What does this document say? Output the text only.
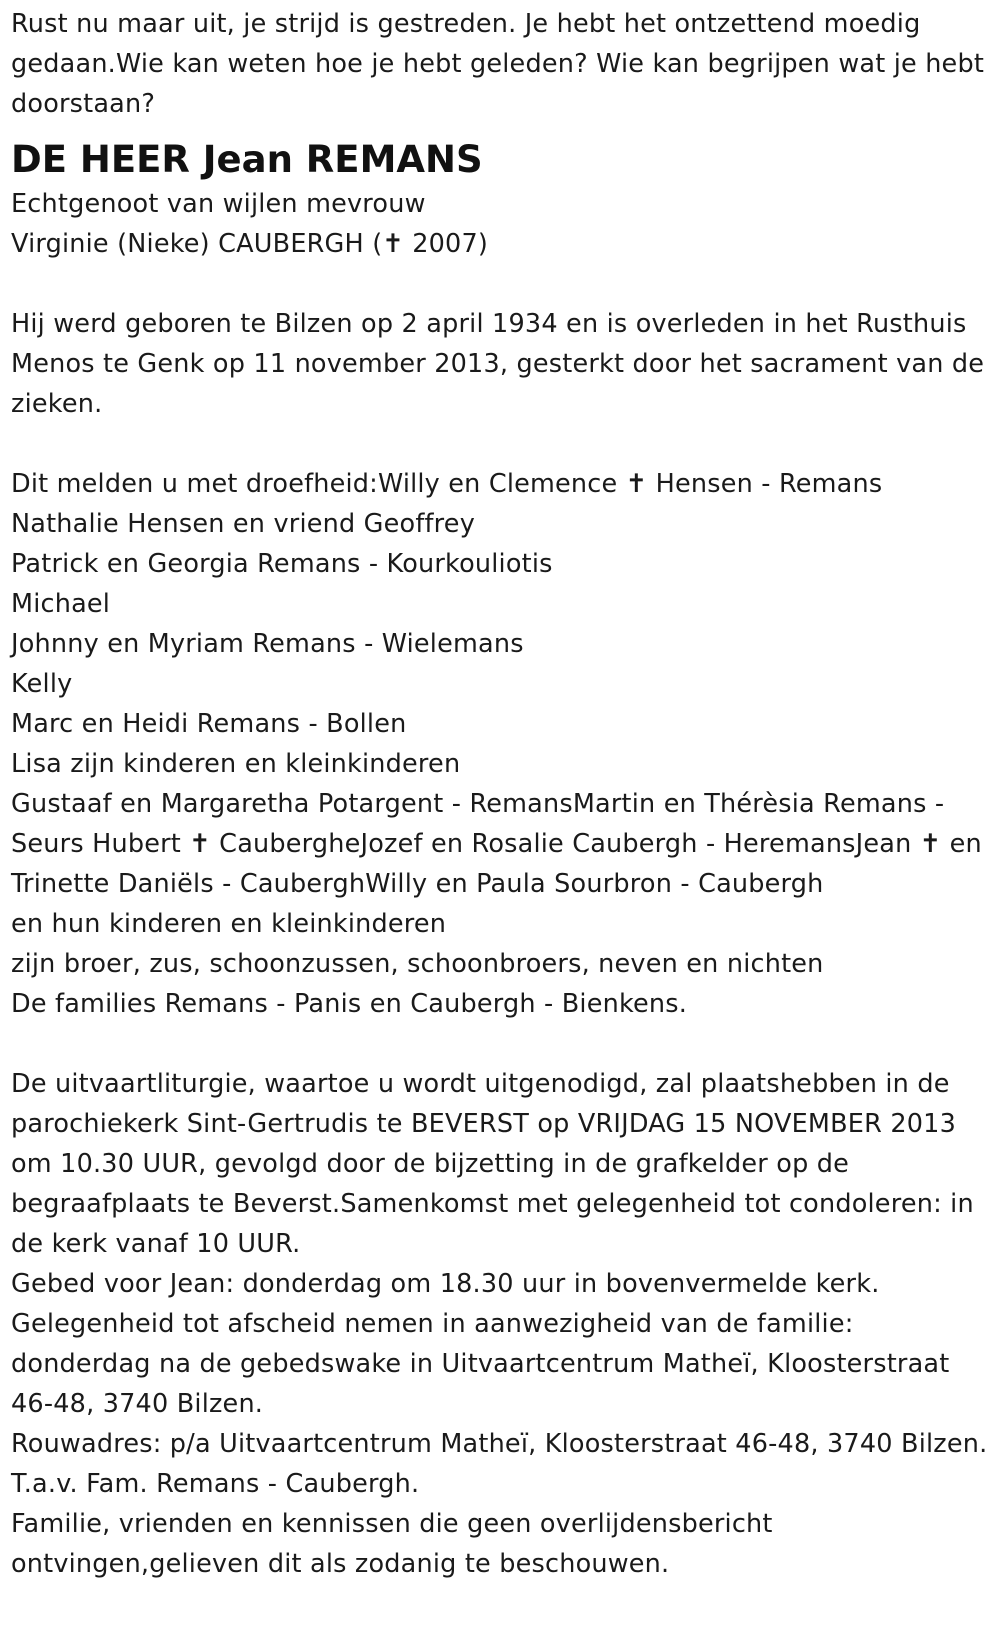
Rust nu maar uit, je strijd is gestreden. Je hebt het ontzettend moedig gedaan.Wie kan weten hoe je hebt geleden? Wie kan begrijpen wat je hebt doorstaan?

DE HEER Jean REMANS
Echtgenoot van wijlen mevrouw
Virginie (Nieke) CAUBERGH (✝ 2007)

Hij werd geboren te Bilzen op 2 april 1934 en is overleden in het Rusthuis Menos te Genk op 11 november 2013, gesterkt door het sacrament van de zieken.

Dit melden u met droefheid:Willy en Clemence ✝ Hensen - Remans
Nathalie Hensen en vriend Geoffrey
Patrick en Georgia Remans - Kourkouliotis
Michael
Johnny en Myriam Remans - Wielemans
Kelly
Marc en Heidi Remans - Bollen
Lisa zijn kinderen en kleinkinderen

Gustaaf en Margaretha Potargent - RemansMartin en Thérèsia Remans - Seurs Hubert ✝ CaubergheJozef en Rosalie Caubergh - HeremansJean ✝ en Trinette Daniëls - CauberghWilly en Paula Sourbron - Caubergh

en hun kinderen en kleinkinderen
zijn broer, zus, schoonzussen, schoonbroers, neven en nichten
De families Remans - Panis en Caubergh - Bienkens.

De uitvaartliturgie, waartoe u wordt uitgenodigd, zal plaatshebben in de parochiekerk Sint-Gertrudis te BEVERST op VRIJDAG 15 NOVEMBER 2013 om 10.30 UUR, gevolgd door de bijzetting in de grafkelder op de begraafplaats te Beverst.Samenkomst met gelegenheid tot condoleren: in de kerk vanaf 10 UUR.

Gebed voor Jean: donderdag om 18.30 uur in bovenvermelde kerk.

Gelegenheid tot afscheid nemen in aanwezigheid van de familie: donderdag na de gebedswake in Uitvaartcentrum Matheï, Kloosterstraat 46-48, 3740 Bilzen.

Rouwadres: p/a Uitvaartcentrum Matheï, Kloosterstraat 46-48, 3740 Bilzen. T.a.v. Fam. Remans - Caubergh.

Familie, vrienden en kennissen die geen overlijdensbericht ontvingen,gelieven dit als zodanig te beschouwen.
